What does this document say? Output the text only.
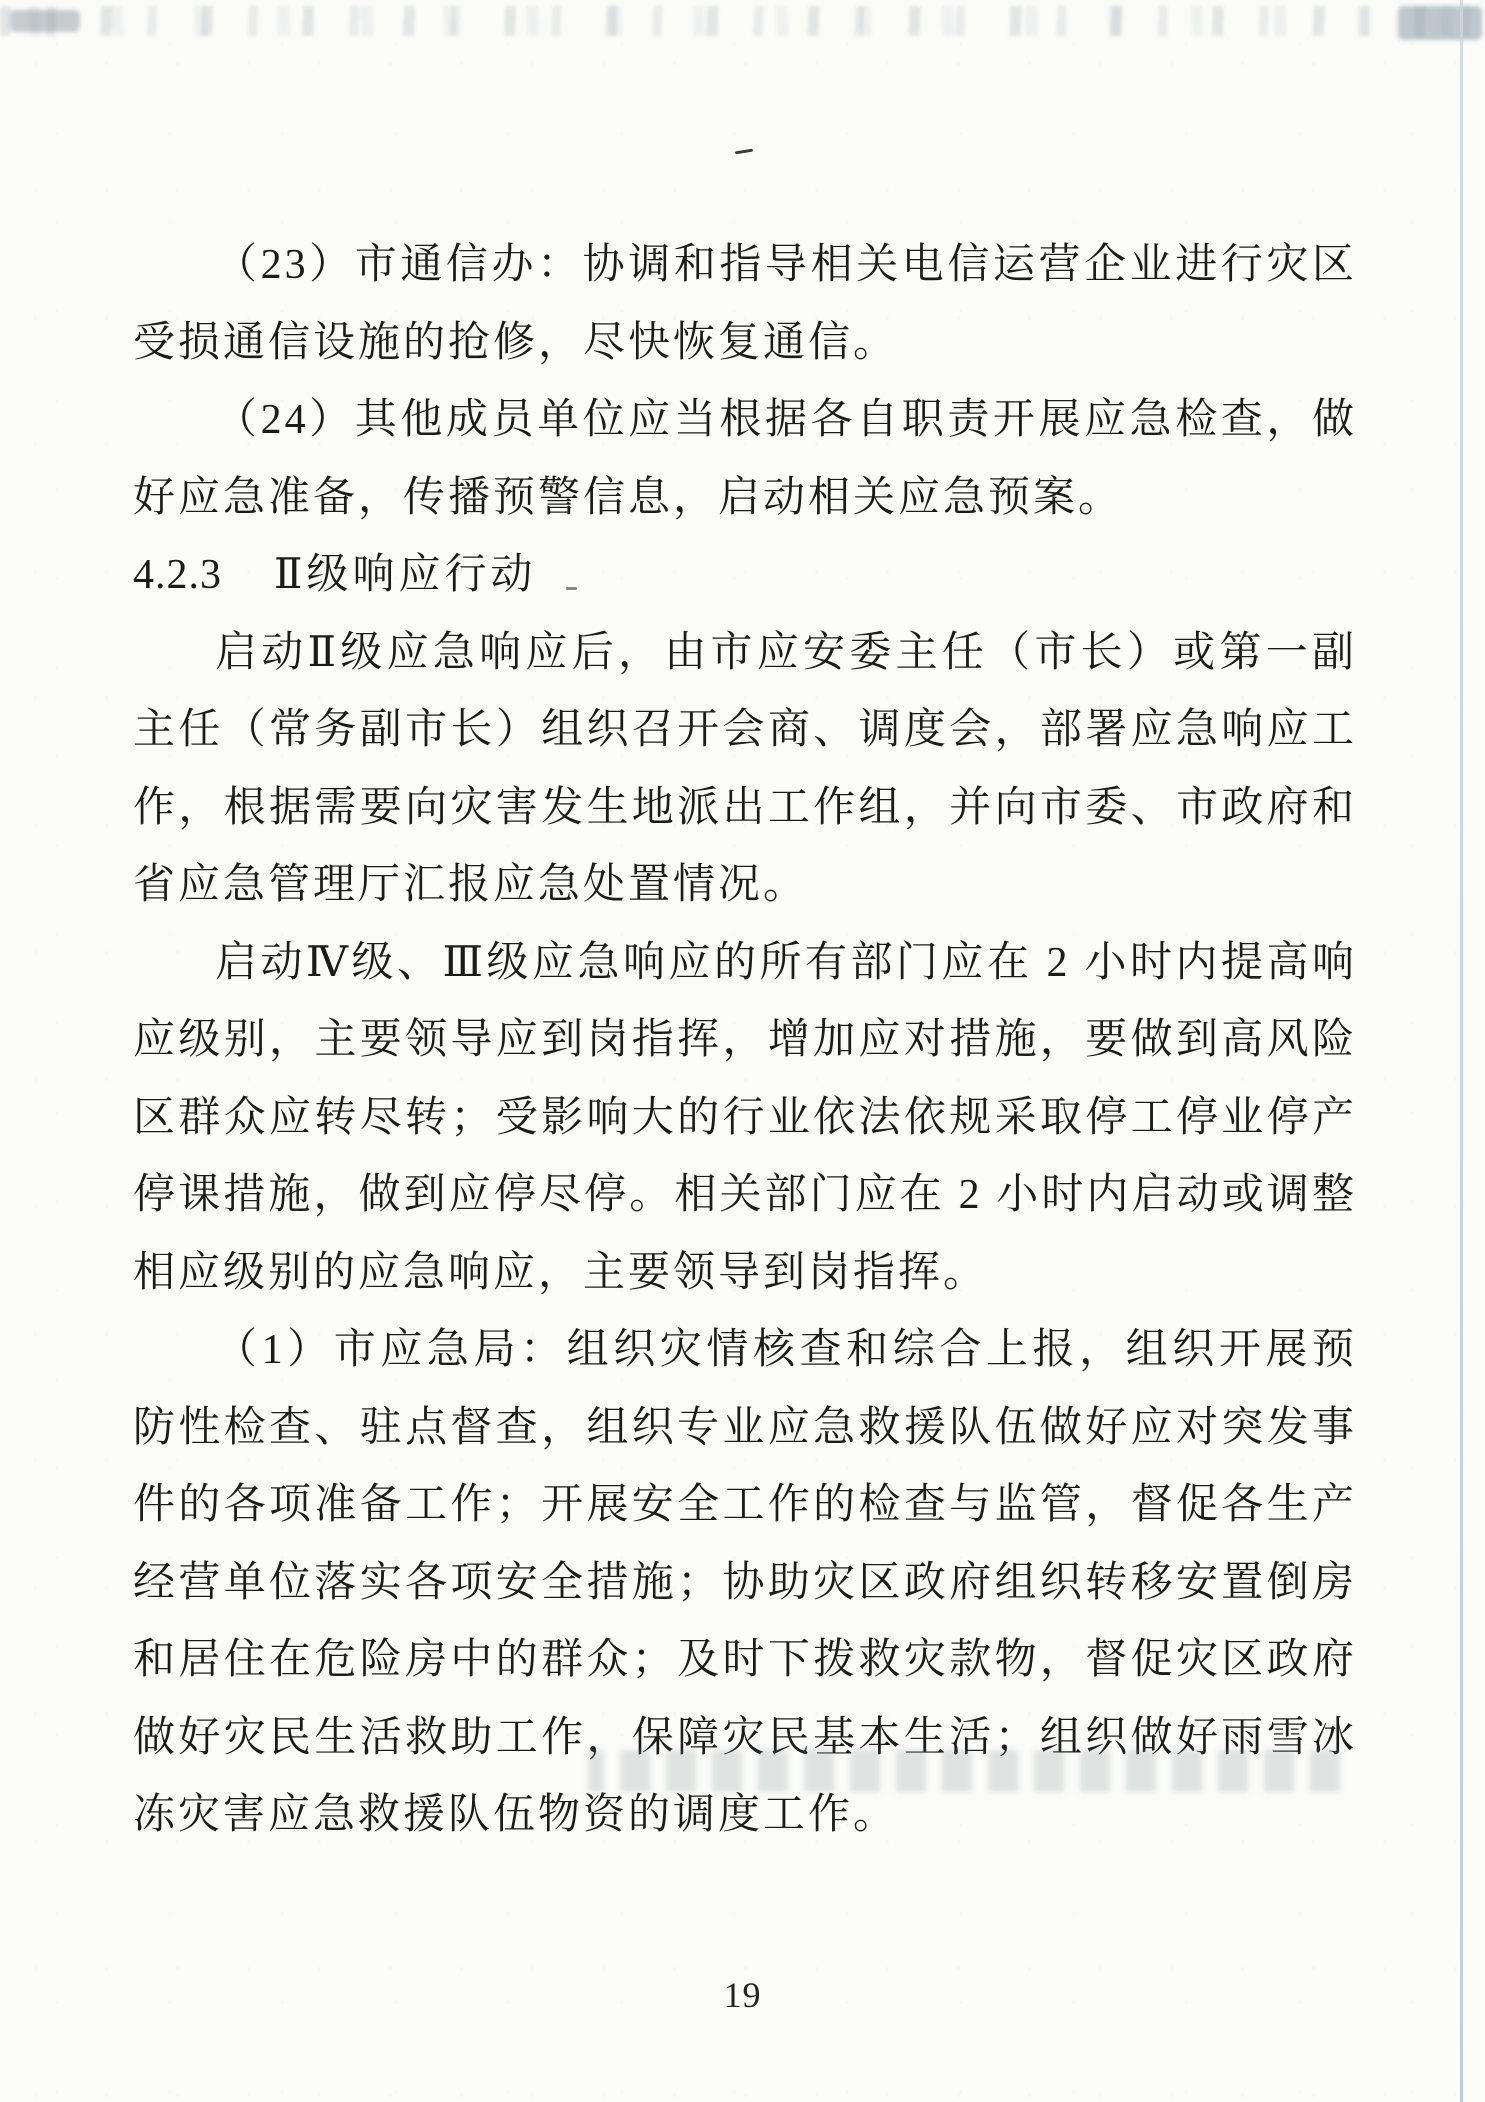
（23）市通信办：协调和指导相关电信运营企业进行灾区受损通信设施的抢修，尽快恢复通信。

（24）其他成员单位应当根据各自职责开展应急检查，做好应急准备，传播预警信息，启动相关应急预案。

4.2.3 Ⅱ级响应行动

启动Ⅱ级应急响应后，由市应安委主任（市长）或第一副主任（常务副市长）组织召开会商、调度会，部署应急响应工作，根据需要向灾害发生地派出工作组，并向市委、市政府和省应急管理厅汇报应急处置情况。

启动Ⅳ级、Ⅲ级应急响应的所有部门应在 2 小时内提高响应级别，主要领导应到岗指挥，增加应对措施，要做到高风险区群众应转尽转；受影响大的行业依法依规采取停工停业停产停课措施，做到应停尽停。相关部门应在 2 小时内启动或调整相应级别的应急响应，主要领导到岗指挥。

（1）市应急局：组织灾情核查和综合上报，组织开展预防性检查、驻点督查，组织专业应急救援队伍做好应对突发事件的各项准备工作；开展安全工作的检查与监管，督促各生产经营单位落实各项安全措施；协助灾区政府组织转移安置倒房和居住在危险房中的群众；及时下拨救灾款物，督促灾区政府做好灾民生活救助工作，保障灾民基本生活；组织做好雨雪冰冻灾害应急救援队伍物资的调度工作。

19
